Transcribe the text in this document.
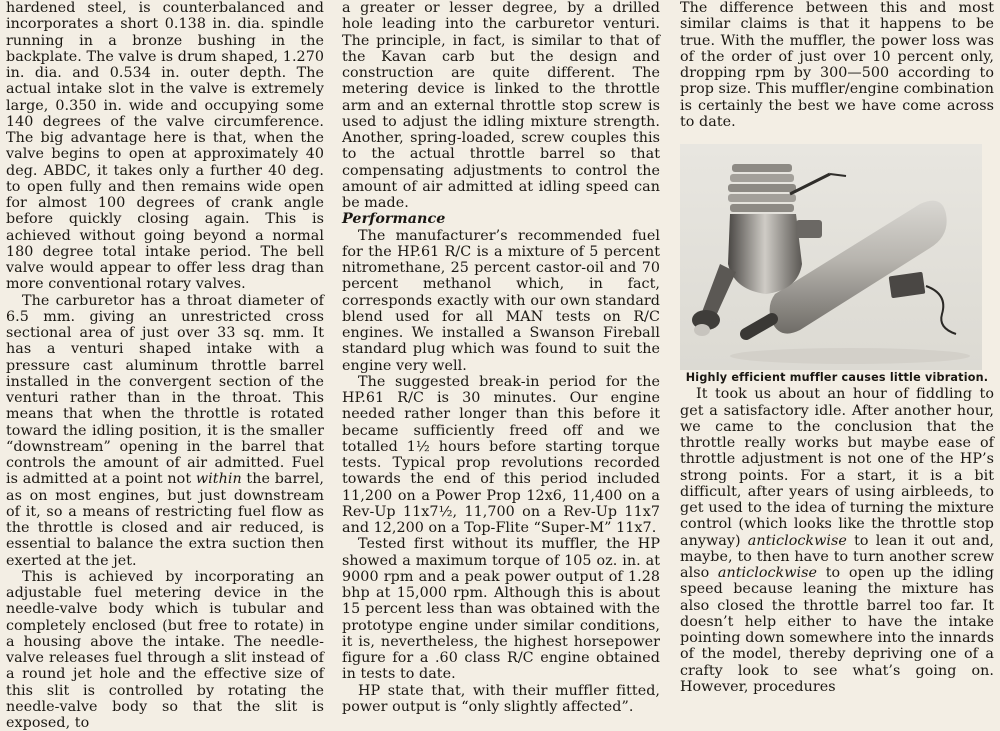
hardened steel, is counterbalanced and incorporates a short 0.138 in. dia. spindle running in a bronze bushing in the backplate. The valve is drum shaped, 1.270 in. dia. and 0.534 in. outer depth. The actual intake slot in the valve is extremely large, 0.350 in. wide and occupying some 140 degrees of the valve circumference. The big advantage here is that, when the valve begins to open at approximately 40 deg. ABDC, it takes only a further 40 deg. to open fully and then remains wide open for almost 100 degrees of crank angle before quickly closing again. This is achieved without going beyond a normal 180 degree total intake period. The bell valve would appear to offer less drag than more conventional rotary valves.

The carburetor has a throat diameter of 6.5 mm. giving an unrestricted cross sectional area of just over 33 sq. mm. It has a venturi shaped intake with a pressure cast aluminum throttle barrel installed in the convergent section of the venturi rather than in the throat. This means that when the throttle is rotated toward the idling position, it is the smaller “downstream” opening in the barrel that controls the amount of air admitted. Fuel is admitted at a point not within the barrel, as on most engines, but just downstream of it, so a means of restricting fuel flow as the throttle is closed and air reduced, is essential to balance the extra suction then exerted at the jet.

This is achieved by incorporating an adjustable fuel metering device in the needle-valve body which is tubular and completely enclosed (but free to rotate) in a housing above the intake. The needle-valve releases fuel through a slit instead of a round jet hole and the effective size of this slit is controlled by rotating the needle-valve body so that the slit is exposed, to

a greater or lesser degree, by a drilled hole leading into the carburetor venturi. The principle, in fact, is similar to that of the Kavan carb but the design and construction are quite different. The metering device is linked to the throttle arm and an external throttle stop screw is used to adjust the idling mixture strength. Another, spring-loaded, screw couples this to the actual throttle barrel so that compensating adjustments to control the amount of air admitted at idling speed can be made.

Performance

The manufacturer’s recommended fuel for the HP.61 R/C is a mixture of 5 percent nitromethane, 25 percent castor-oil and 70 percent methanol which, in fact, corresponds exactly with our own standard blend used for all MAN tests on R/C engines. We installed a Swanson Fireball standard plug which was found to suit the engine very well.

The suggested break-in period for the HP.61 R/C is 30 minutes. Our engine needed rather longer than this before it became sufficiently freed off and we totalled 1½ hours before starting torque tests. Typical prop revolutions recorded towards the end of this period included 11,200 on a Power Prop 12x6, 11,400 on a Rev-Up 11x7½, 11,700 on a Rev-Up 11x7 and 12,200 on a Top-Flite “Super-M” 11x7.

Tested first without its muffler, the HP showed a maximum torque of 105 oz. in. at 9000 rpm and a peak power output of 1.28 bhp at 15,000 rpm. Although this is about 15 percent less than was obtained with the prototype engine under similar conditions, it is, nevertheless, the highest horsepower figure for a .60 class R/C engine obtained in tests to date.

HP state that, with their muffler fitted, power output is “only slightly affected”.

The difference between this and most similar claims is that it happens to be true. With the muffler, the power loss was of the order of just over 10 percent only, dropping rpm by 300—500 according to prop size. This muffler/engine combination is certainly the best we have come across to date.

Highly efficient muffler causes little vibration.

It took us about an hour of fiddling to get a satisfactory idle. After another hour, we came to the conclusion that the throttle really works but maybe ease of throttle adjustment is not one of the HP’s strong points. For a start, it is a bit difficult, after years of using airbleeds, to get used to the idea of turning the mixture control (which looks like the throttle stop anyway) anticlockwise to lean it out and, maybe, to then have to turn another screw also anticlockwise to open up the idling speed because leaning the mixture has also closed the throttle barrel too far. It doesn’t help either to have the intake pointing down somewhere into the innards of the model, thereby depriving one of a crafty look to see what’s going on. However, procedures
